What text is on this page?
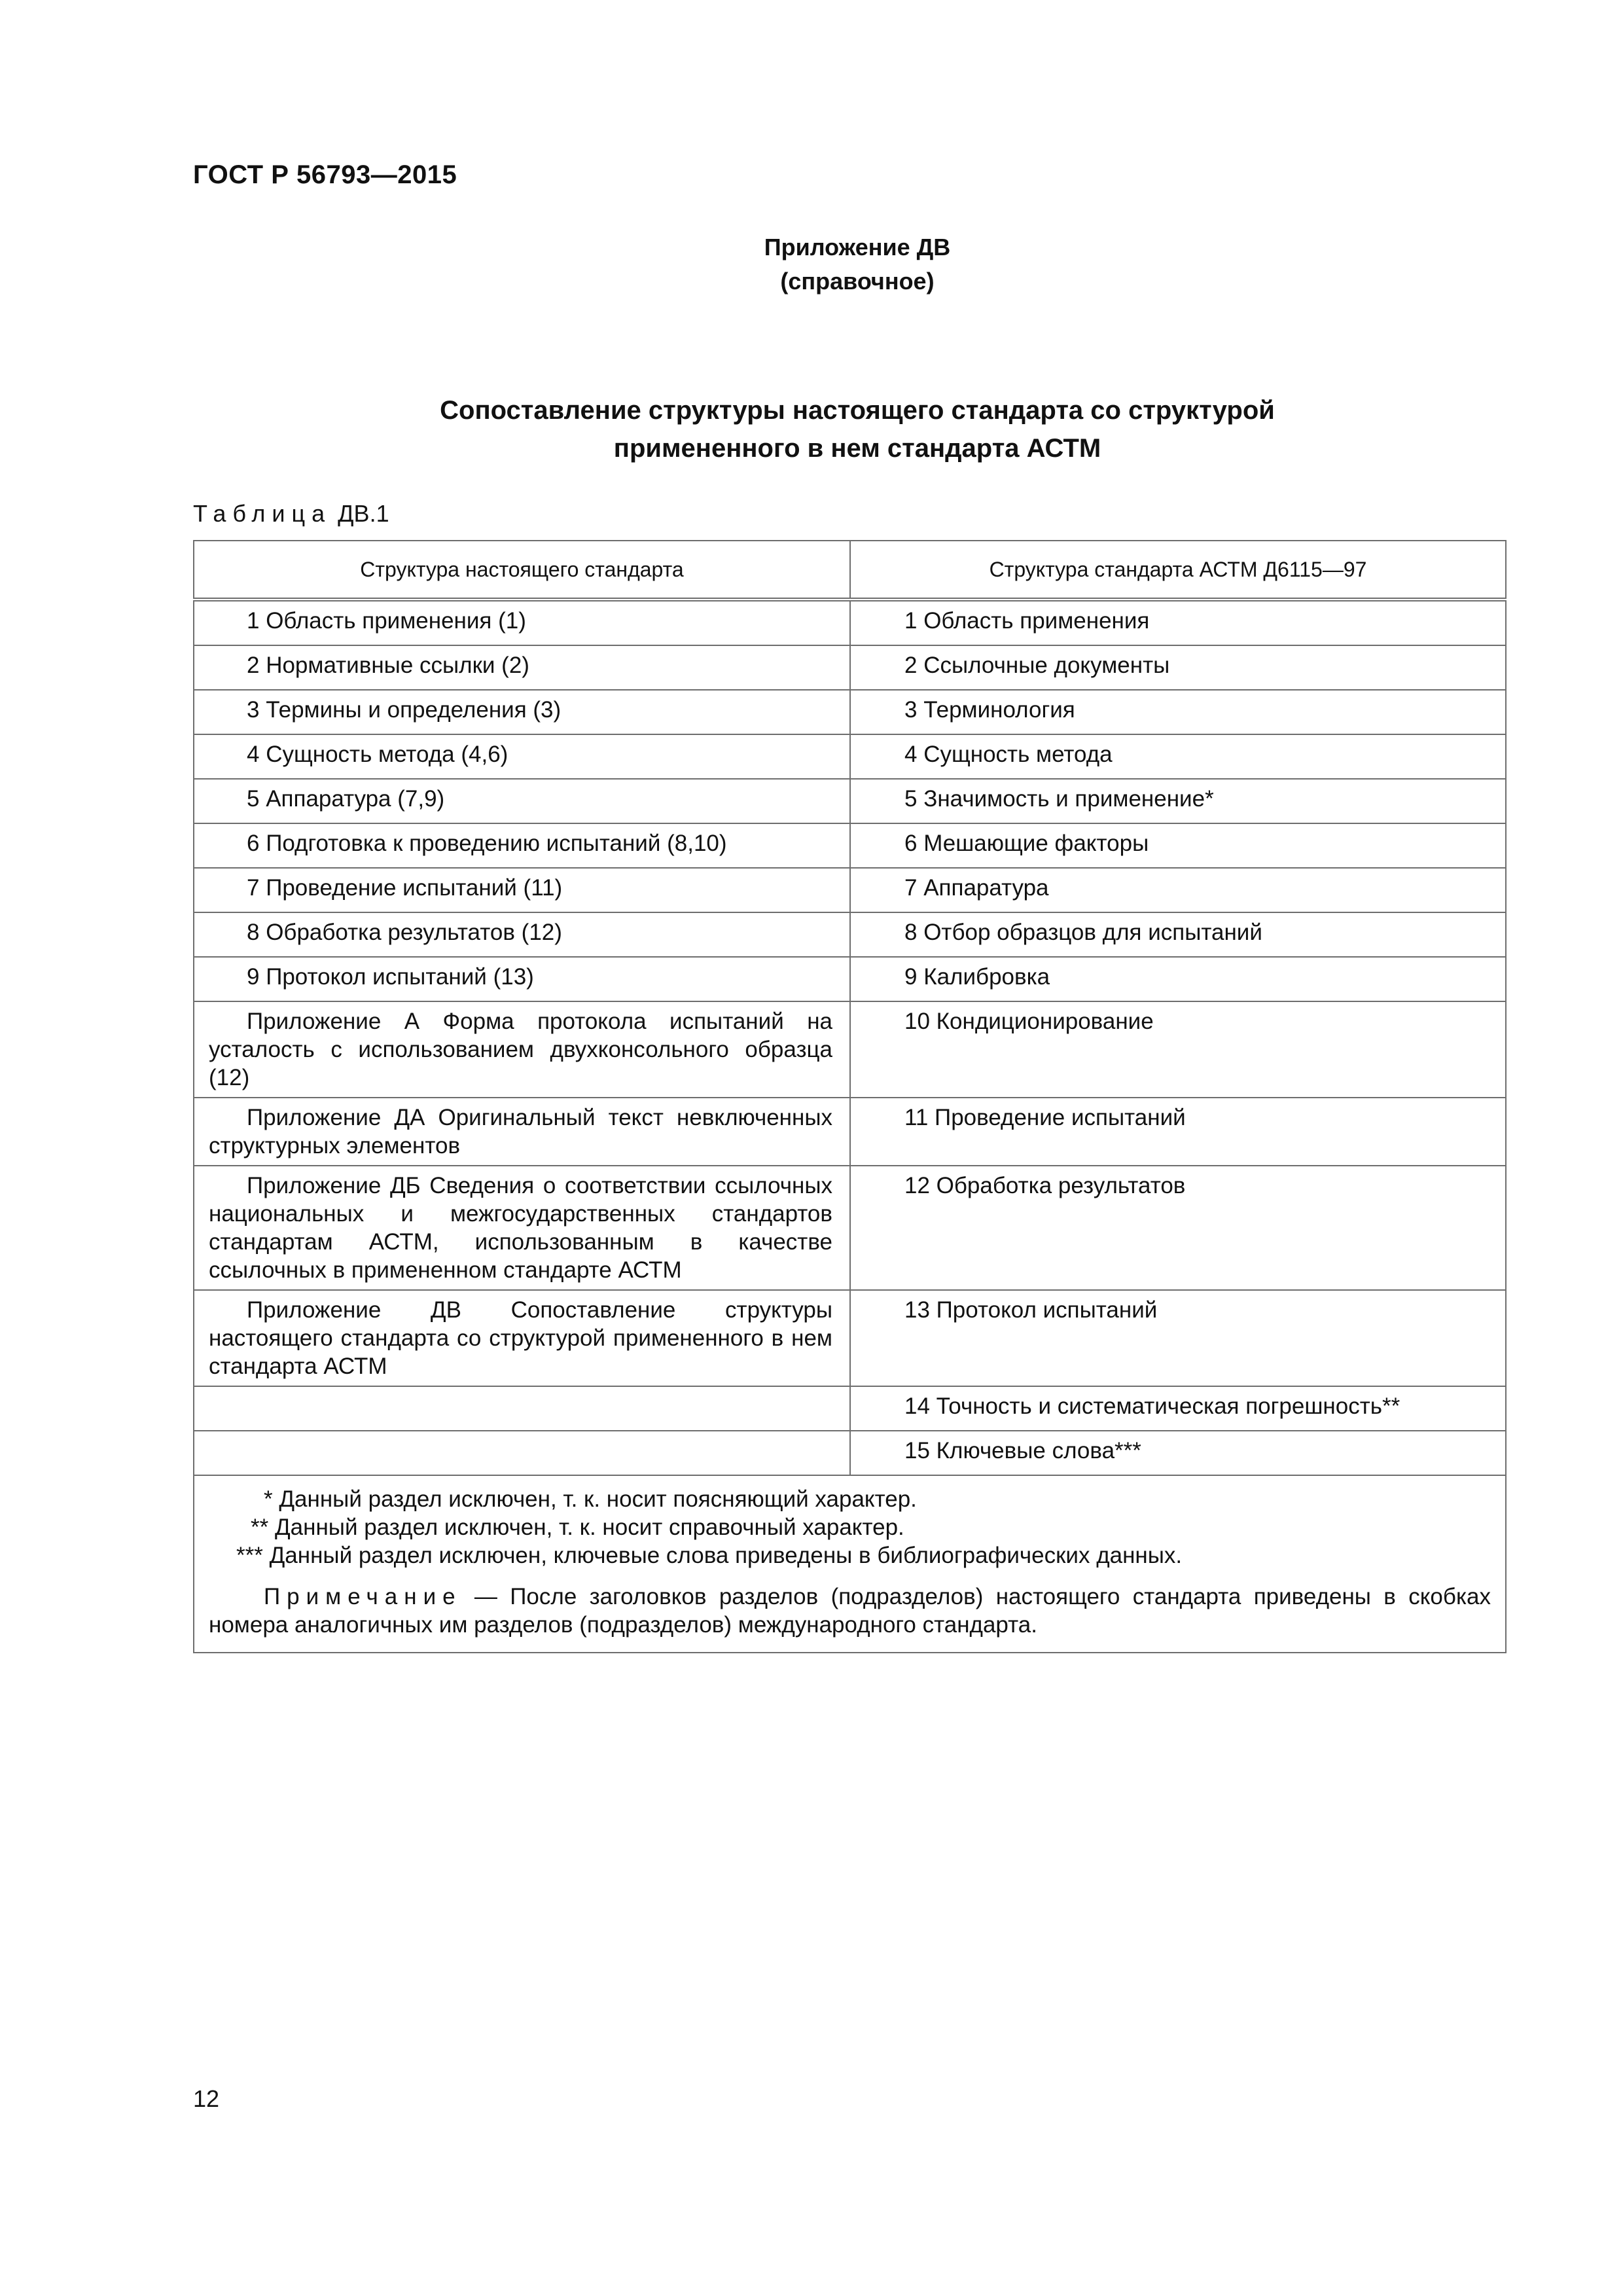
ГОСТ Р 56793—2015
Приложение ДВ
(справочное)
Сопоставление структуры настоящего стандарта со структурой
примененного в нем стандарта АСТМ
Таблица ДВ.1
Структура настоящего стандарта	Структура стандарта АСТМ Д6115—97

1 Область применения (1)	1 Область применения

2 Нормативные ссылки (2)	2 Ссылочные документы

3 Термины и определения (3)	3 Терминология

4 Сущность метода (4,6)	4 Сущность метода

5 Аппаратура (7,9)	5 Значимость и применение*

6 Подготовка к проведению испытаний (8,10)	6 Мешающие факторы

7 Проведение испытаний (11)	7 Аппаратура

8 Обработка результатов (12)	8 Отбор образцов для испытаний

9 Протокол испытаний (13)	9 Калибровка

Приложение А Форма протокола испытаний на усталость с использованием двухконсольного образца (12)	10 Кондиционирование

Приложение ДА Оригинальный текст невключенных структурных элементов	11 Проведение испытаний

Приложение ДБ Сведения о соответствии ссылочных национальных и межгосударственных стандартов стандартам АСТМ, использованным в качестве ссылочных в примененном стандарте АСТМ	12 Обработка результатов

Приложение ДВ Сопоставление структуры настоящего стандарта со структурой примененного в нем стандарта АСТМ	13 Протокол испытаний

	14 Точность и систематическая погрешность**

	15 Ключевые слова***

* Данный раздел исключен, т. к. носит поясняющий характер.
** Данный раздел исключен, т. к. носит справочный характер.
*** Данный раздел исключен, ключевые слова приведены в библиографических данных.
Примечание — После заголовков разделов (подразделов) настоящего стандарта приведены в скобках номера аналогичных им разделов (подразделов) международного стандарта.	
12
